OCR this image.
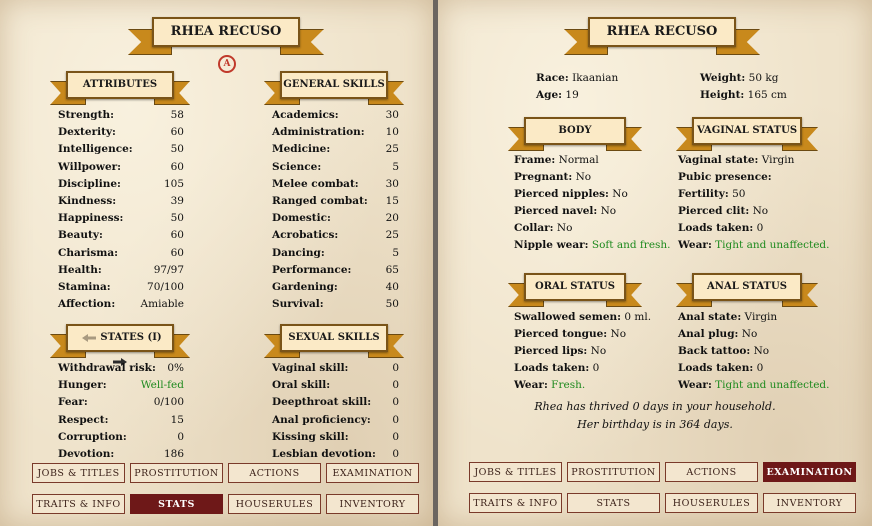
RHEA RECUSO
A
ATTRIBUTES	GENERAL SKILLS
Strength:	58
Dexterity:	60
Intelligence:	50
Willpower:	60
Discipline:	105
Kindness:	39
Happiness:	50
Beauty:	60
Charisma:	60
Health:	97/97
Stamina:	70/100
Affection: Amiable
Academics:	30
Administration: 10
Medicine:	25
Science:	5
Melee combat:	30
Ranged combat: 15
Domestic:	20
Acrobatics:	25
Dancing:	5
Performance:	65
Gardening:	40
Survival:	50
STATES (I)	SEXUAL SKILLS
Withdrawal risk: 0%
Hunger:	Well-fed
Fear:	0/100
Respect:	15
Corruption:	0
Devotion:	186
Vaginal skill:	0
Oral skill:	0
Deepthroat skill: 0
Anal proficiency: 0
Kissing skill:	0
Lesbian devotion: 0
JOBS & TITLES	PROSTITUTION	ACTIONS	EXAMINATION
TRAITS & INFO	STATS	HOUSERULES	INVENTORY
RHEA RECUSO
Race: Ikaanian
Age: 19
Weight: 50 kg
Height: 165 cm
BODY	VAGINAL STATUS
Frame: Normal
Pregnant: No
Pierced nipples: No
Pierced navel: No
Collar: No
Nipple wear: Soft and fresh.
Vaginal state: Virgin
Pubic presence:
Fertility: 50
Pierced clit: No
Loads taken: 0
Wear: Tight and unaffected.
ORAL STATUS	ANAL STATUS
Swallowed semen: 0 ml.
Pierced tongue: No
Pierced lips: No
Loads taken: 0
Wear: Fresh.
Anal state: Virgin
Anal plug: No
Back tattoo: No
Loads taken: 0
Wear: Tight and unaffected.
Rhea has thrived 0 days in your household.
Her birthday is in 364 days.
JOBS & TITLES	PROSTITUTION	ACTIONS	EXAMINATION
TRAITS & INFO	STATS	HOUSERULES	INVENTORY
